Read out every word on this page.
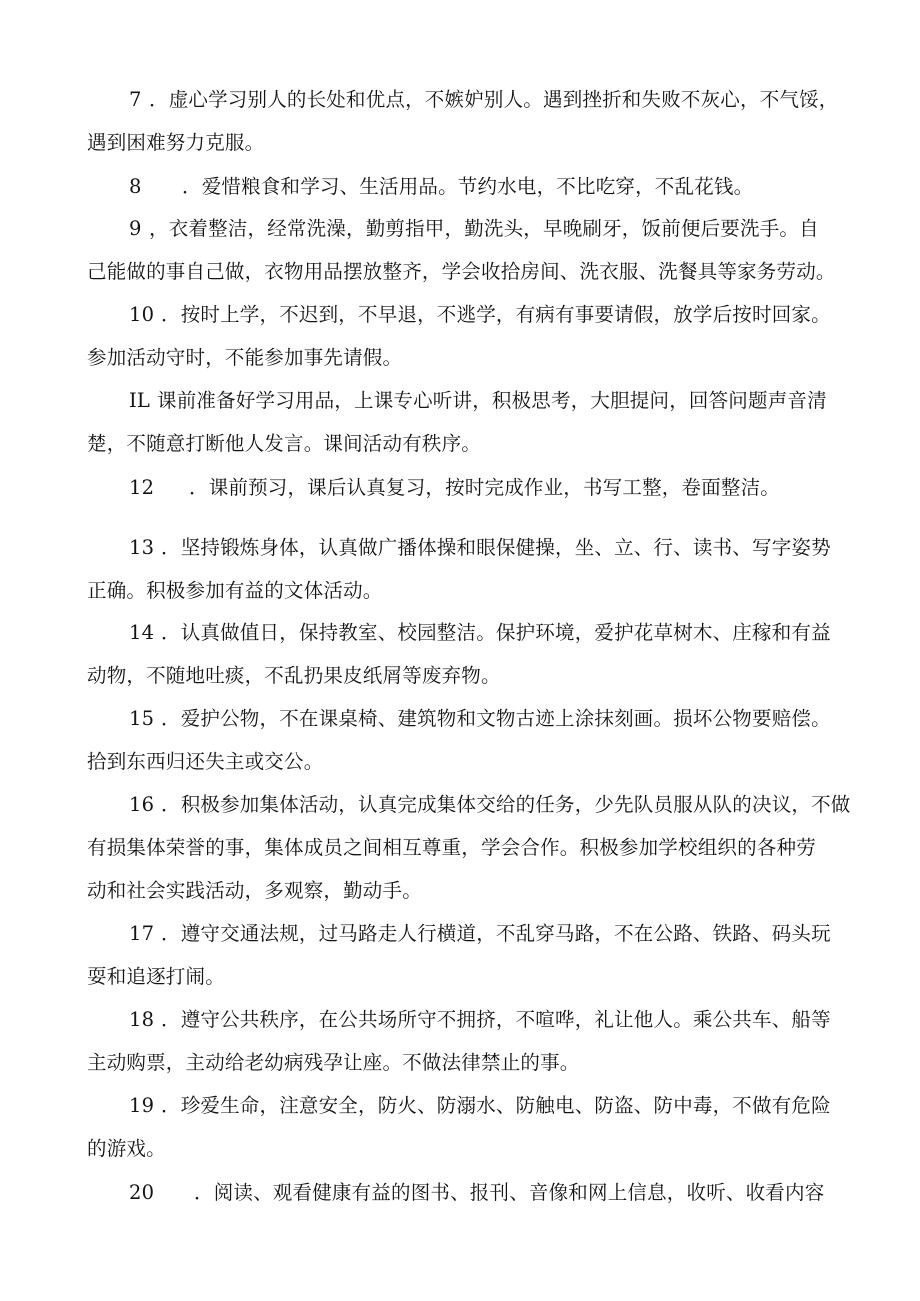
7 ．虚心学习别人的长处和优点，不嫉妒别人。遇到挫折和失败不灰心，不气馁，
遇到困难努力克服。
8 ．爱惜粮食和学习、生活用品。节约水电，不比吃穿，不乱花钱。
9 ，衣着整洁，经常洗澡，勤剪指甲，勤洗头，早晚刷牙，饭前便后要洗手。自
己能做的事自己做，衣物用品摆放整齐，学会收拾房间、洗衣服、洗餐具等家务劳动。
10 ．按时上学，不迟到，不早退，不逃学，有病有事要请假，放学后按时回家。
参加活动守时，不能参加事先请假。
IL 课前准备好学习用品，上课专心听讲，积极思考，大胆提问，回答问题声音清
楚，不随意打断他人发言。课间活动有秩序。
12 ．课前预习，课后认真复习，按时完成作业，书写工整，卷面整洁。
13 ．坚持锻炼身体，认真做广播体操和眼保健操，坐、立、行、读书、写字姿势
正确。积极参加有益的文体活动。
14 ．认真做值日，保持教室、校园整洁。保护环境，爱护花草树木、庄稼和有益
动物，不随地吐痰，不乱扔果皮纸屑等废弃物。
15 ．爱护公物，不在课桌椅、建筑物和文物古迹上涂抹刻画。损坏公物要赔偿。
拾到东西归还失主或交公。
16 ．积极参加集体活动，认真完成集体交给的任务，少先队员服从队的决议，不做
有损集体荣誉的事，集体成员之间相互尊重，学会合作。积极参加学校组织的各种劳
动和社会实践活动，多观察，勤动手。
17 ．遵守交通法规，过马路走人行横道，不乱穿马路，不在公路、铁路、码头玩
耍和追逐打闹。
18 ．遵守公共秩序，在公共场所守不拥挤，不喧哗，礼让他人。乘公共车、船等
主动购票，主动给老幼病残孕让座。不做法律禁止的事。
19 ．珍爱生命，注意安全，防火、防溺水、防触电、防盗、防中毒，不做有危险
的游戏。
20 ．阅读、观看健康有益的图书、报刊、音像和网上信息，收听、收看内容
